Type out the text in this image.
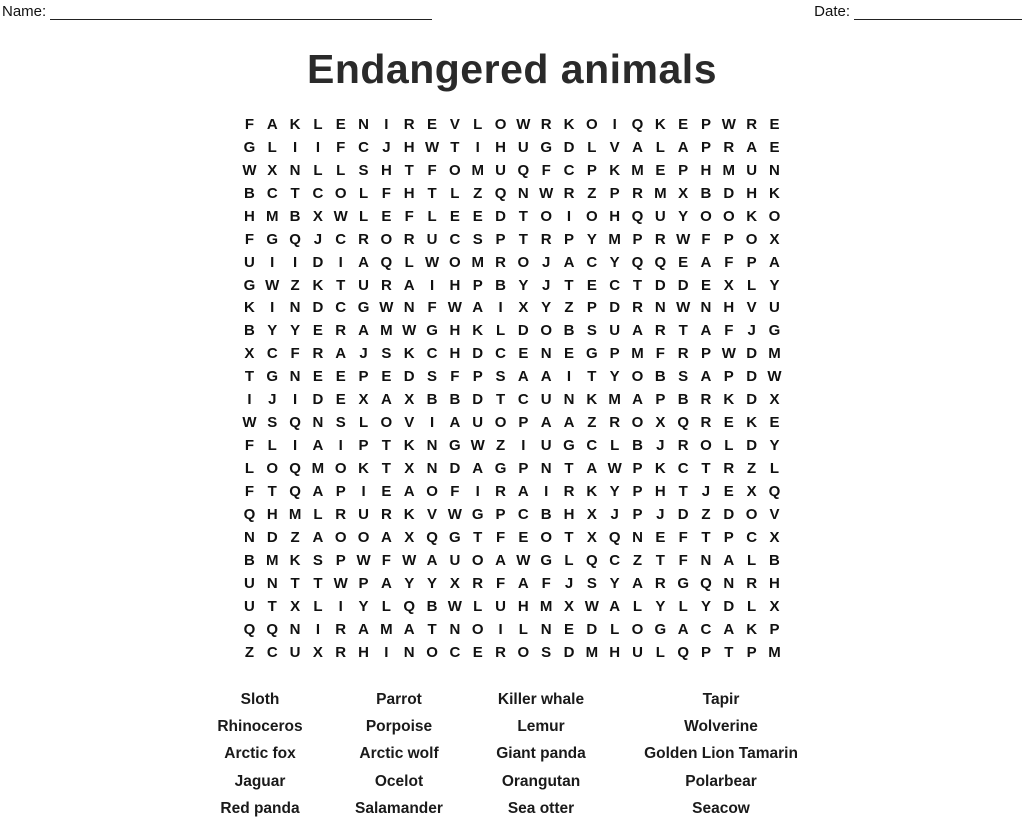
Name:	Date:
Endangered animals
F A K L E N	I	R E V L O W R K O I Q K E P W R E
G L	I	I	F C J H W T	I	H U G D L V A L A P R A E
W X N L L S H T F O M U Q F C P K M E P H M U N
B C T C O L F H T L Z Q N W R Z P R M X B D H K
H M B X W L E F L E E D T O I O H Q U Y O O K O
F G Q J C R O R U C S P T R P Y M P R W F P O X
U	I	I	D	I	A Q L W O M R O J A C Y Q Q E A F P A
G W Z K T U R A	I	H P B Y J T E C T D D E X L Y
K	I	N D C G W N F W A	I	X Y Z P D R N W N H V U
B Y Y E R A M W G H K L D O B S U A R T A F J G
X C F R A J S K C H D C E N E G P M F R P W D M
T G N E E P E D S F P S A A	I	T Y O B S A P D W
I	J	I	D E X A X B B D T C U N K M A P B R K D X
W S Q N S L O V	I	A U O P A A Z R O X Q R E K E
F L	I	A	I	P T K N G W Z	I	U G C L B J R O L D Y
L O Q M O K T X N D A G P N T A W P K C T R Z L
F T Q A P	I	E A O F	I	R A	I	R K Y P H T J E X Q
Q H M L R U R K V W G P C B H X J P J D Z D O V
N D Z A O O A X Q G T F E O T X Q N E F T P C X
B M K S P W F W A U O A W G L Q C Z T F N A L B
U N T T W P A Y Y X R F A F J S Y A R G Q N R H
U T X L	I	Y L Q B W L U H M X W A L Y L Y D L X
Q Q N	I	R A M A T N O I	L N E D L O G A C A K P
Z C U X R H	I	N O C E R O S D M H U L Q P T P M
Sloth	Parrot	Killer whale	Tapir
Rhinoceros	Porpoise	Lemur	Wolverine
Arctic fox	Arctic wolf	Giant panda	Golden Lion Tamarin
Jaguar	Ocelot	Orangutan	Polarbear
Red panda	Salamander	Sea otter	Seacow
